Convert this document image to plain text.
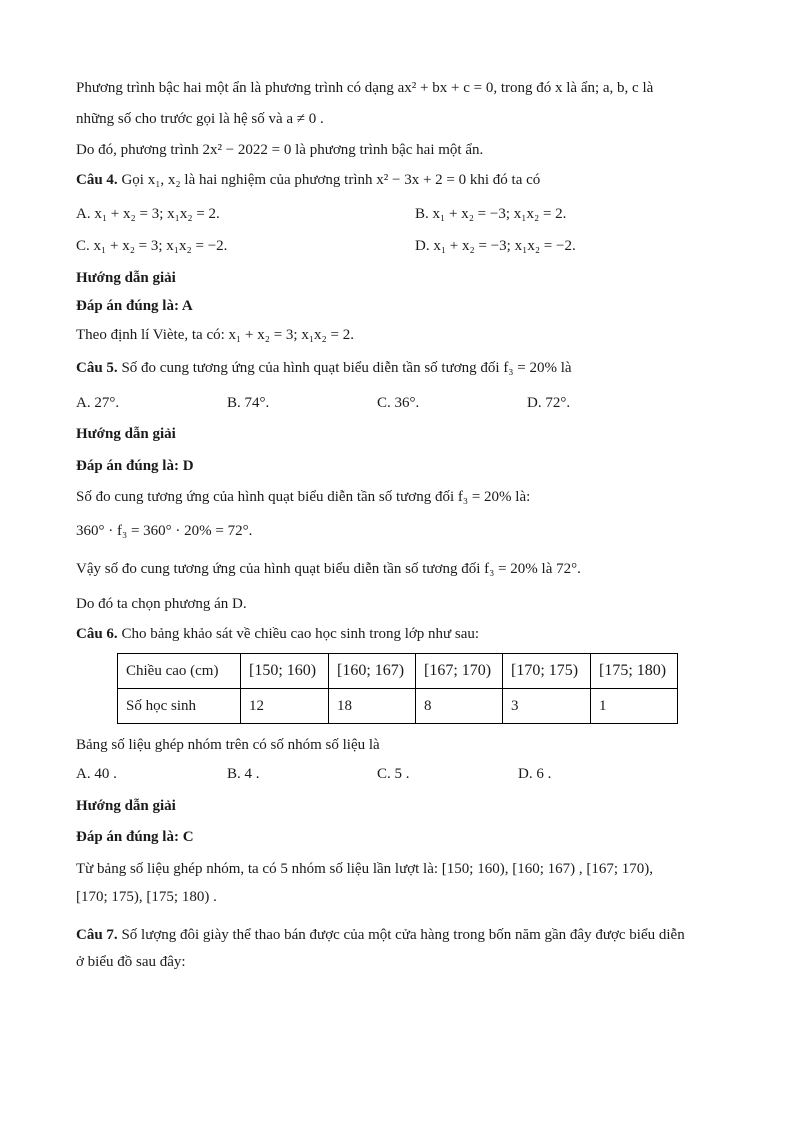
Phương trình bậc hai một ẩn là phương trình có dạng ax² + bx + c = 0, trong đó x là ẩn; a, b, c là
những số cho trước gọi là hệ số và a ≠ 0 .
Do đó, phương trình 2x² − 2022 = 0 là phương trình bậc hai một ẩn.
Câu 4. Gọi x₁, x₂ là hai nghiệm của phương trình x² − 3x + 2 = 0 khi đó ta có
A. x₁ + x₂ = 3; x₁x₂ = 2.	B. x₁ + x₂ = −3; x₁x₂ = 2.
C. x₁ + x₂ = 3; x₁x₂ = −2.	D. x₁ + x₂ = −3; x₁x₂ = −2.
Hướng dẫn giải
Đáp án đúng là: A
Theo định lí Viète, ta có: x₁ + x₂ = 3; x₁x₂ = 2.
Câu 5. Số đo cung tương ứng của hình quạt biểu diễn tần số tương đối f₃ = 20% là
A. 27°.	B. 74°.	C. 36°.	D. 72°.
Hướng dẫn giải
Đáp án đúng là: D
Số đo cung tương ứng của hình quạt biểu diễn tần số tương đối f₃ = 20% là:
360° · f₃ = 360° · 20% = 72°.
Vậy số đo cung tương ứng của hình quạt biểu diễn tần số tương đối f₃ = 20% là 72°.
Do đó ta chọn phương án D.
Câu 6. Cho bảng khảo sát về chiều cao học sinh trong lớp như sau:
Chiều cao (cm)	[150; 160)	[160; 167)	[167; 170)	[170; 175)	[175; 180)
Số học sinh	12	18	8	3	1
Bảng số liệu ghép nhóm trên có số nhóm số liệu là
A. 40 .	B. 4 .	C. 5 .	D. 6 .
Hướng dẫn giải
Đáp án đúng là: C
Từ bảng số liệu ghép nhóm, ta có 5 nhóm số liệu lần lượt là: [150; 160), [160; 167) , [167; 170),
[170; 175), [175; 180) .
Câu 7. Số lượng đôi giày thể thao bán được của một cửa hàng trong bốn năm gần đây được biểu diễn
ở biểu đồ sau đây:
